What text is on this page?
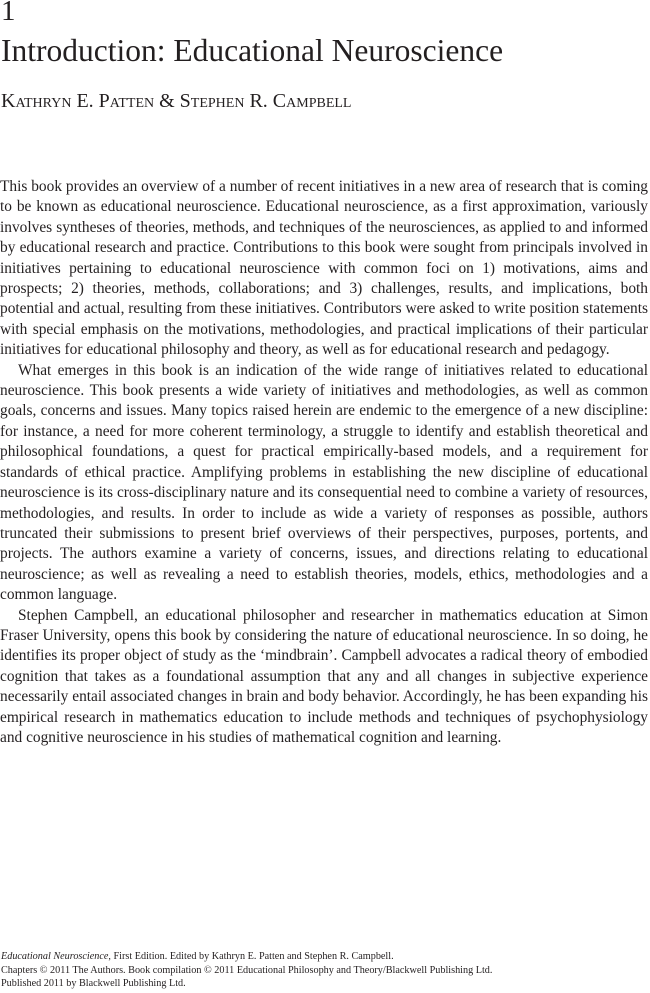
1
Introduction: Educational Neuroscience
Kathryn E. Patten & Stephen R. Campbell

This book provides an overview of a number of recent initiatives in a new area of research that is coming to be known as educational neuroscience. Educational neuroscience, as a first approximation, variously involves syntheses of theories, methods, and techniques of the neurosciences, as applied to and informed by educational research and practice. Contributions to this book were sought from principals involved in initiatives pertaining to educational neuroscience with common foci on 1) motivations, aims and prospects; 2) theories, methods, collaborations; and 3) challenges, results, and implications, both potential and actual, resulting from these initiatives. Contributors were asked to write position statements with special emphasis on the motivations, methodologies, and practical implications of their particular initiatives for educational philosophy and theory, as well as for educational research and pedagogy.

What emerges in this book is an indication of the wide range of initiatives related to educational neuroscience. This book presents a wide variety of initiatives and methodologies, as well as common goals, concerns and issues. Many topics raised herein are endemic to the emergence of a new discipline: for instance, a need for more coherent terminology, a struggle to identify and establish theoretical and philosophical foundations, a quest for practical empirically-based models, and a requirement for standards of ethical practice. Amplifying problems in establishing the new discipline of educational neuroscience is its cross-disciplinary nature and its consequential need to combine a variety of resources, methodologies, and results. In order to include as wide a variety of responses as possible, authors truncated their submissions to present brief overviews of their perspectives, purposes, portents, and projects. The authors examine a variety of concerns, issues, and directions relating to educational neuroscience; as well as revealing a need to establish theories, models, ethics, methodologies and a common language.

Stephen Campbell, an educational philosopher and researcher in mathematics education at Simon Fraser University, opens this book by considering the nature of educational neuroscience. In so doing, he identifies its proper object of study as the ‘mindbrain’. Campbell advocates a radical theory of embodied cognition that takes as a foundational assumption that any and all changes in subjective experience necessarily entail associated changes in brain and body behavior. Accordingly, he has been expanding his empirical research in mathematics education to include methods and techniques of psychophysiology and cognitive neuroscience in his studies of mathematical cognition and learning.

Educational Neuroscience, First Edition. Edited by Kathryn E. Patten and Stephen R. Campbell.
Chapters © 2011 The Authors. Book compilation © 2011 Educational Philosophy and Theory/Blackwell Publishing Ltd.
Published 2011 by Blackwell Publishing Ltd.
